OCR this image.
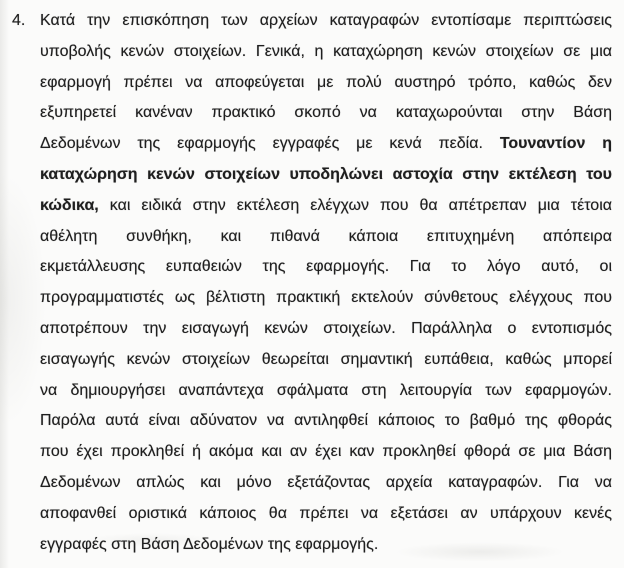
4. Κατά την επισκόπηση των αρχείων καταγραφών εντοπίσαμε περιπτώσεις
υποβολής κενών στοιχείων. Γενικά, η καταχώρηση κενών στοιχείων σε μια
εφαρμογή πρέπει να αποφεύγεται με πολύ αυστηρό τρόπο, καθώς δεν
εξυπηρετεί κανέναν πρακτικό σκοπό να καταχωρούνται στην Βάση
Δεδομένων της εφαρμογής εγγραφές με κενά πεδία. Τουναντίον η
καταχώρηση κενών στοιχείων υποδηλώνει αστοχία στην εκτέλεση του
κώδικα, και ειδικά στην εκτέλεση ελέγχων που θα απέτρεπαν μια τέτοια
αθέλητη συνθήκη, και πιθανά κάποια επιτυχημένη απόπειρα
εκμετάλλευσης ευπαθειών της εφαρμογής. Για το λόγο αυτό, οι
προγραμματιστές ως βέλτιστη πρακτική εκτελούν σύνθετους ελέγχους που
αποτρέπουν την εισαγωγή κενών στοιχείων. Παράλληλα ο εντοπισμός
εισαγωγής κενών στοιχείων θεωρείται σημαντική ευπάθεια, καθώς μπορεί
να δημιουργήσει αναπάντεχα σφάλματα στη λειτουργία των εφαρμογών.
Παρόλα αυτά είναι αδύνατον να αντιληφθεί κάποιος το βαθμό της φθοράς
που έχει προκληθεί ή ακόμα και αν έχει καν προκληθεί φθορά σε μια Βάση
Δεδομένων απλώς και μόνο εξετάζοντας αρχεία καταγραφών. Για να
αποφανθεί οριστικά κάποιος θα πρέπει να εξετάσει αν υπάρχουν κενές
εγγραφές στη Βάση Δεδομένων της εφαρμογής.
